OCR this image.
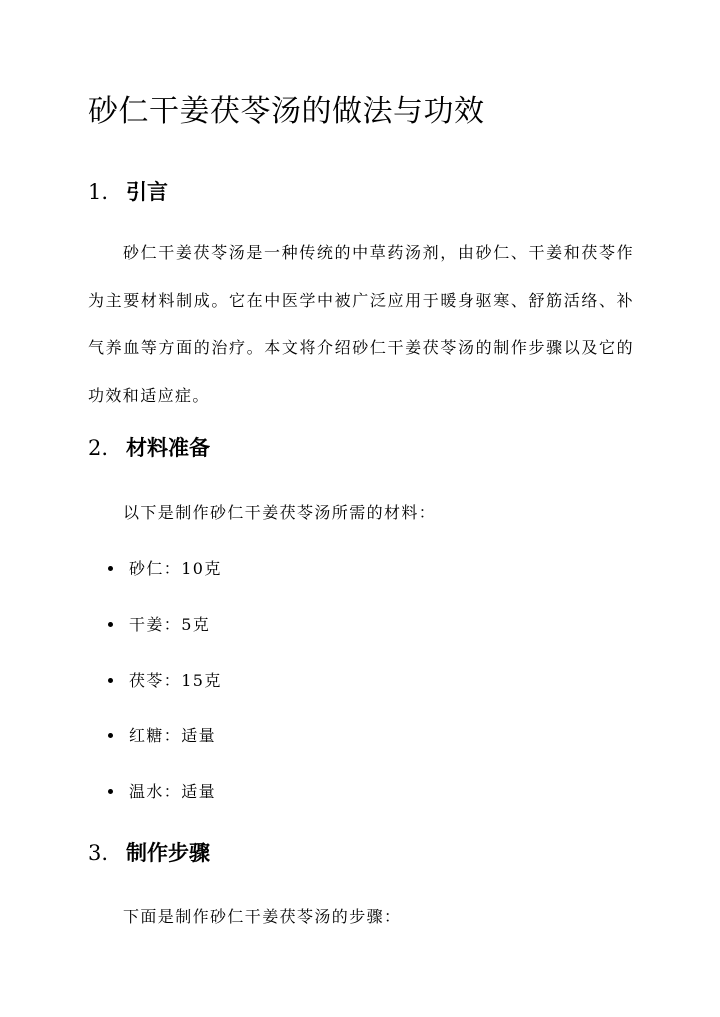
砂仁干姜茯苓汤的做法与功效
1. 引言

砂仁干姜茯苓汤是一种传统的中草药汤剂，由砂仁、干姜和茯苓作为主要材料制成。它在中医学中被广泛应用于暖身驱寒、舒筋活络、补气养血等方面的治疗。本文将介绍砂仁干姜茯苓汤的制作步骤以及它的功效和适应症。

2. 材料准备

以下是制作砂仁干姜茯苓汤所需的材料：

砂仁：10克
干姜：5克
茯苓：15克
红糖：适量
温水：适量
3. 制作步骤

下面是制作砂仁干姜茯苓汤的步骤：
